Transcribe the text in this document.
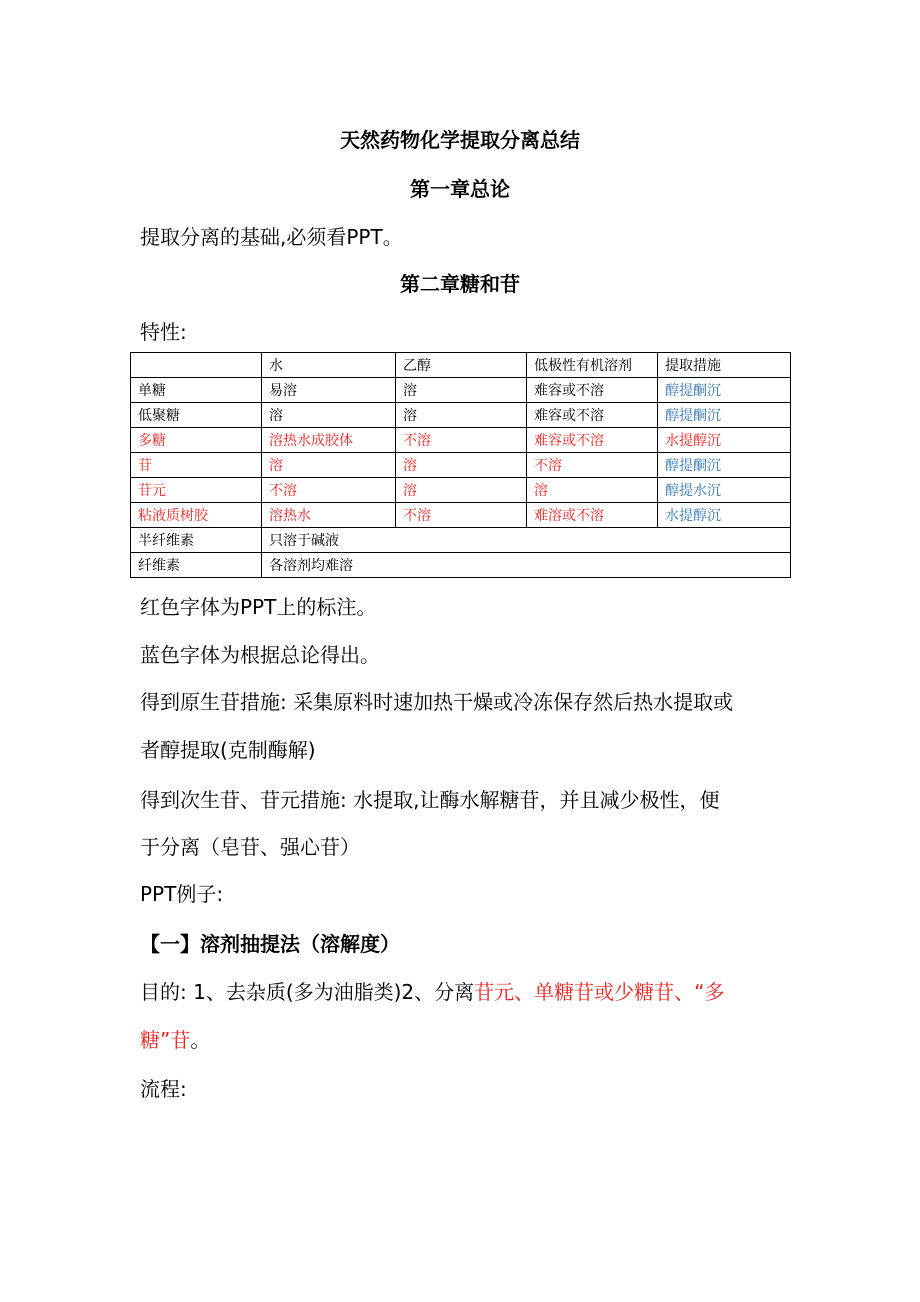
天然药物化学提取分离总结
第一章总论
提取分离的基础,必须看PPT。
第二章糖和苷
特性:
	水	乙醇	低极性有机溶剂	提取措施
单糖	易溶	溶	难容或不溶	醇提酮沉
低聚糖	溶	溶	难容或不溶	醇提酮沉
多糖	溶热水成胶体	不溶	难容或不溶	水提醇沉
苷	溶	溶	不溶	醇提酮沉
苷元	不溶	溶	溶	醇提水沉
粘液质树胶	溶热水	不溶	难溶或不溶	水提醇沉
半纤维素	只溶于碱液			
纤维素	各溶剂均难溶			
红色字体为PPT上的标注。
蓝色字体为根据总论得出。
得到原生苷措施: 采集原料时速加热干燥或冷冻保存然后热水提取或
者醇提取(克制酶解)
得到次生苷、苷元措施: 水提取,让酶水解糖苷，并且减少极性，便
于分离（皂苷、强心苷）
PPT例子:
【一】溶剂抽提法（溶解度）
目的: 1、去杂质(多为油脂类)2、分离苷元、单糖苷或少糖苷、“多
糖”苷。
流程:
